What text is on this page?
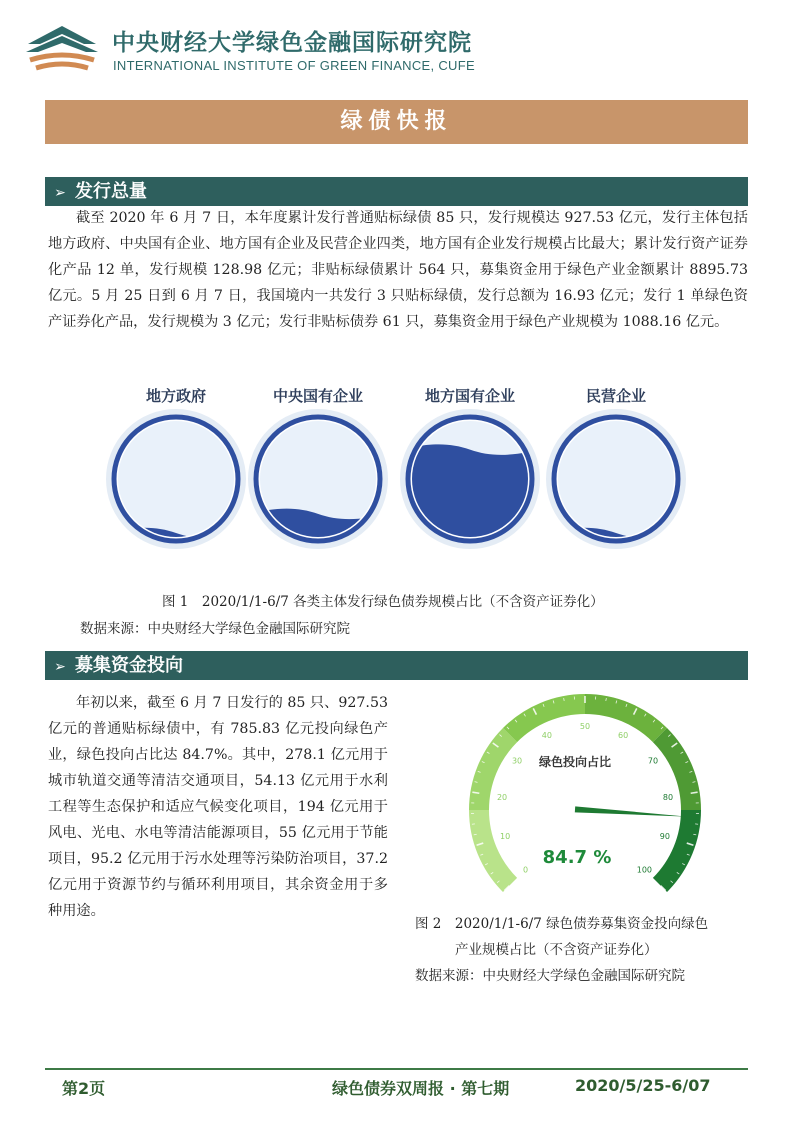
中央财经大学绿色金融国际研究院
INTERNATIONAL INSTITUTE OF GREEN FINANCE, CUFE
绿债快报
➢ 发行总量
截至 2020 年 6 月 7 日，本年度累计发行普通贴标绿债 85 只，发行规模达 927.53 亿元，发行主体包括地方政府、中央国有企业、地方国有企业及民营企业四类，地方国有企业发行规模占比最大；累计发行资产证券化产品 12 单，发行规模 128.98 亿元；非贴标绿债累计 564 只，募集资金用于绿色产业金额累计 8895.73 亿元。5 月 25 日到 6 月 7 日，我国境内一共发行 3 只贴标绿债，发行总额为 16.93 亿元；发行 1 单绿色资产证券化产品，发行规模为 3 亿元；发行非贴标债券 61 只，募集资金用于绿色产业规模为 1088.16 亿元。
地方政府	中央国有企业	地方国有企业	民营企业
图 1　2020/1/1-6/7 各类主体发行绿色债券规模占比（不含资产证券化）
数据来源：中央财经大学绿色金融国际研究院
➢ 募集资金投向
年初以来，截至 6 月 7 日发行的 85 只、927.53 亿元的普通贴标绿债中，有 785.83 亿元投向绿色产业，绿色投向占比达 84.7%。其中，278.1 亿元用于城市轨道交通等清洁交通项目，54.13 亿元用于水利工程等生态保护和适应气候变化项目，194 亿元用于风电、光电、水电等清洁能源项目，55 亿元用于节能项目，95.2 亿元用于污水处理等污染防治项目，37.2 亿元用于资源节约与循环利用项目，其余资金用于多种用途。
0
10
20
30
40
50
60
70
80
90
100
绿色投向占比
84.7 %
图 2　2020/1/1-6/7 绿色债券募集资金投向绿色
产业规模占比（不含资产证券化）
数据来源：中央财经大学绿色金融国际研究院
第2页	绿色债券双周报 · 第七期	2020/5/25-6/07
